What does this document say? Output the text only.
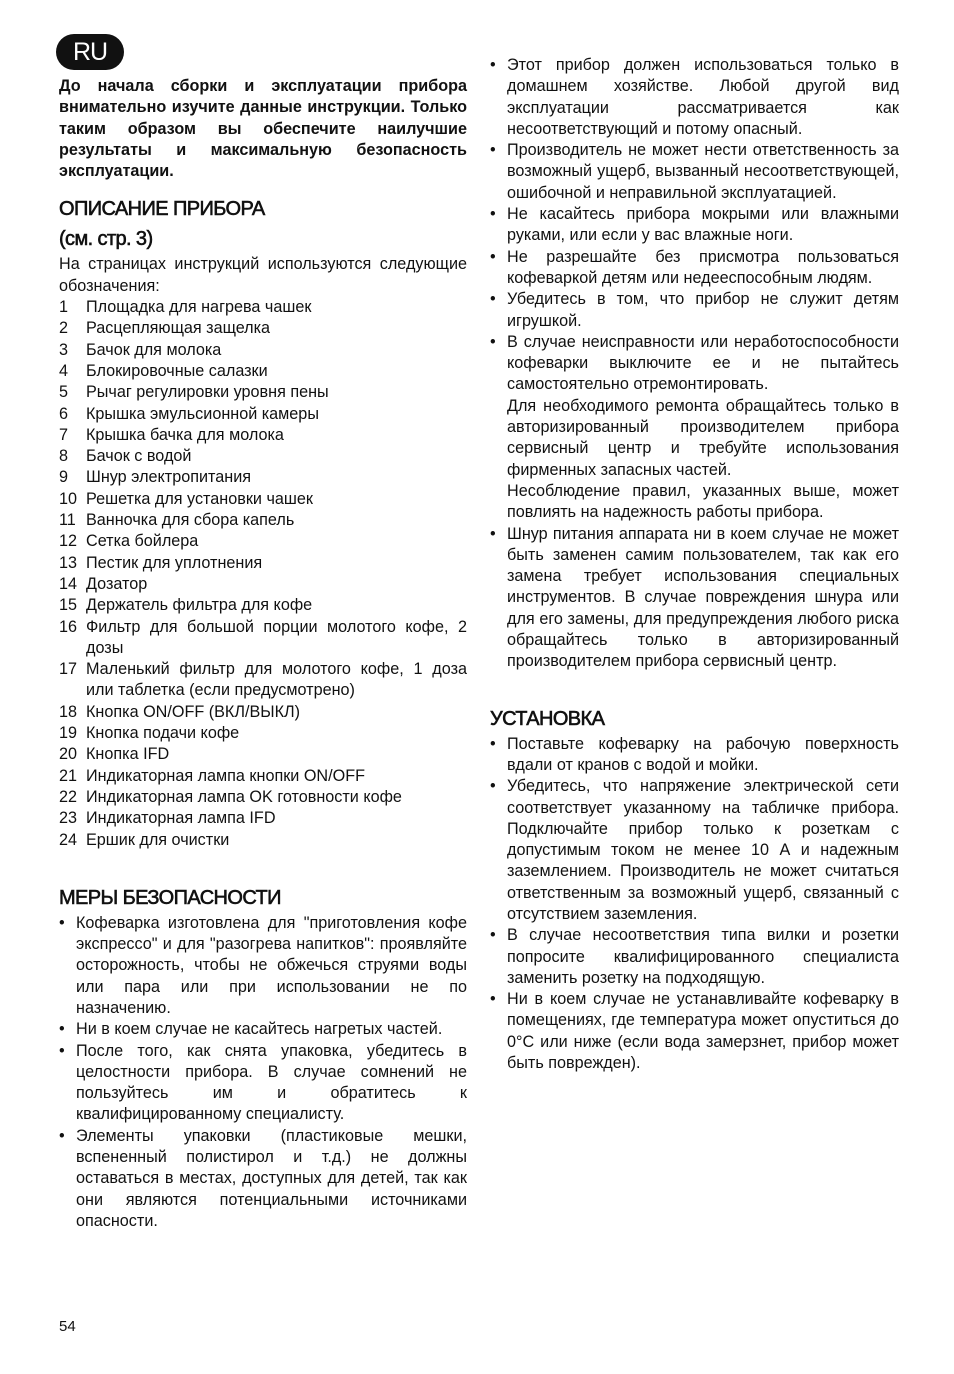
RU

До начала сборки и эксплуатации прибора внимательно изучите данные инструкции. Только таким образом вы обеспечите наилучшие результаты и максимальную безопасность эксплуатации.

ОПИСАНИЕ ПРИБОРА
(см. стр. 3)

На страницах инструкций используются следующие обозначения:

1 Площадка для нагрева чашек
2 Расцепляющая защелка
3 Бачок для молока
4 Блокировочные салазки
5 Рычаг регулировки уровня пены
6 Крышка эмульсионной камеры
7 Крышка бачка для молока
8 Бачок с водой
9 Шнур электропитания
10 Решетка для установки чашек
11 Ванночка для сбора капель
12 Сетка бойлера
13 Пестик для уплотнения
14 Дозатор
15 Держатель фильтра для кофе
16 Фильтр для большой порции молотого кофе, 2 дозы
17 Маленький фильтр для молотого кофе, 1 доза или таблетка (если предусмотрено)
18 Кнопка ON/OFF (ВКЛ/ВЫКЛ)
19 Кнопка подачи кофе
20 Кнопка IFD
21 Индикаторная лампа кнопки ON/OFF
22 Индикаторная лампа OK готовности кофе
23 Индикаторная лампа IFD
24 Ершик для очистки
МЕРЫ БЕЗОПАСНОСТИ
• Кофеварка изготовлена для "приготовления кофе экспрессо" и для "разогрева напитков": проявляйте осторожность, чтобы не обжечься струями воды или пара или при использовании не по назначению.
• Ни в коем случае не касайтесь нагретых частей.
• После того, как снята упаковка, убедитесь в целостности прибора. В случае сомнений не пользуйтесь им и обратитесь к квалифицированному специалисту.
• Элементы упаковки (пластиковые мешки, вспененный полистирол и т.д.) не должны оставаться в местах, доступных для детей, так как они являются потенциальными источниками опасности.
• Этот прибор должен использоваться только в домашнем хозяйстве. Любой другой вид эксплуатации рассматривается как несоответствующий и потому опасный.
• Производитель не может нести ответственность за возможный ущерб, вызванный несоответствующей, ошибочной и неправильной эксплуатацией.
• Не касайтесь прибора мокрыми или влажными руками, или если у вас влажные ноги.
• Не разрешайте без присмотра пользоваться кофеваркой детям или недееспособным людям.
• Убедитесь в том, что прибор не служит детям игрушкой.

• В случае неисправности или неработоспособности кофеварки выключите ее и не пытайтесь самостоятельно отремонтировать.

Для необходимого ремонта обращайтесь только в авторизированный производителем прибора сервисный центр и требуйте использования фирменных запасных частей.

Несоблюдение правил, указанных выше, может повлиять на надежность работы прибора.

• Шнур питания аппарата ни в коем случае не может быть заменен самим пользователем, так как его замена требует использования специальных инструментов. В случае повреждения шнура или для его замены, для предупреждения любого риска обращайтесь только в авторизированный производителем прибора сервисный центр.
УСТАНОВКА
• Поставьте кофеварку на рабочую поверхность вдали от кранов с водой и мойки.
• Убедитесь, что напряжение электрической сети соответствует указанному на табличке прибора. Подключайте прибор только к розеткам с допустимым током не менее 10 А и надежным заземлением. Производитель не может считаться ответственным за возможный ущерб, связанный с отсутствием заземления.
• В случае несоответствия типа вилки и розетки попросите квалифицированного специалиста заменить розетку на подходящую.
• Ни в коем случае не устанавливайте кофеварку в помещениях, где температура может опуститься до 0°С или ниже (если вода замерзнет, прибор может быть поврежден).
54
